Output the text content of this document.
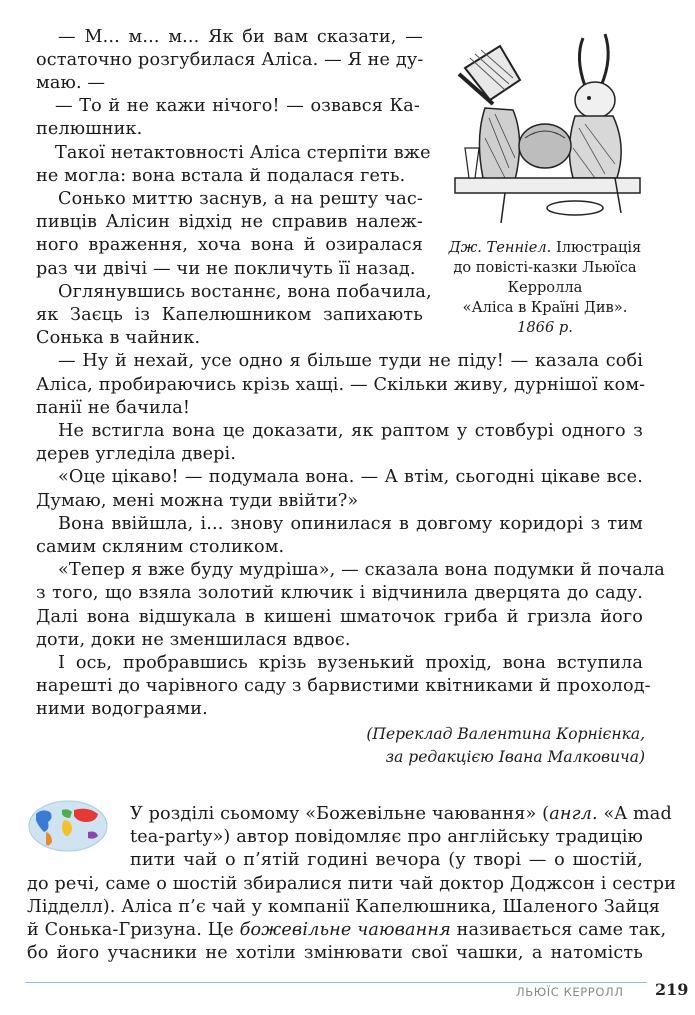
— М... м... м... Як би вам сказати, —
остаточно розгубилася Аліса. — Я не ду-
маю. —
— То й не кажи нічого! — озвався Ка-
пелюшник.
Такої нетактовності Аліса стерпіти вже
не могла: вона встала й подалася геть.
Сонько миттю заснув, а на решту час-
пивців Алісин відхід не справив належ-
ного враження, хоча вона й озиралася
раз чи двічі — чи не покличуть її назад.
Оглянувшись востаннє, вона побачила,
як Заєць із Капелюшником запихають
Сонька в чайник.
— Ну й нехай, усе одно я більше туди не піду! — казала собі
Аліса, пробираючись крізь хащі. — Скільки живу, дурнішої ком-
панії не бачила!
Не встигла вона це доказати, як раптом у стовбурі одного з
дерев угледіла двері.
«Оце цікаво! — подумала вона. — А втім, сьогодні цікаве все.
Думаю, мені можна туди ввійти?»
Вона ввійшла, і... знову опинилася в довгому коридорі з тим
самим скляним столиком.
«Тепер я вже буду мудріша», — сказала вона подумки й почала
з того, що взяла золотий ключик і відчинила дверцята до саду.
Далі вона відшукала в кишені шматочок гриба й гризла його
доти, доки не зменшилася вдвоє.
І ось, пробравшись крізь вузенький прохід, вона вступила
нарешті до чарівного саду з барвистими квітниками й прохолод-
ними водограями.
Дж. Тенніел. Ілюстрація
до повісті-казки Льюїса
Керролла
«Аліса в Країні Див».
1866 р.
(Переклад Валентина Корнієнка,
за редакцією Івана Малковича)
У розділі сьомому «Божевільне чаювання» (англ. «A mad
tea-party») автор повідомляє про англійську традицію
пити чай о п’ятій годині вечора (у творі — о шостій,
до речі, саме о шостій збиралися пити чай доктор Доджсон і сестри
Лідделл). Аліса п’є чай у компанії Капелюшника, Шаленого Зайця
й Сонька-Гризуна. Це божевільне чаювання називається саме так,
бо його учасники не хотіли змінювати свої чашки, а натомість
ЛЬЮЇС КЕРРОЛЛ 219
